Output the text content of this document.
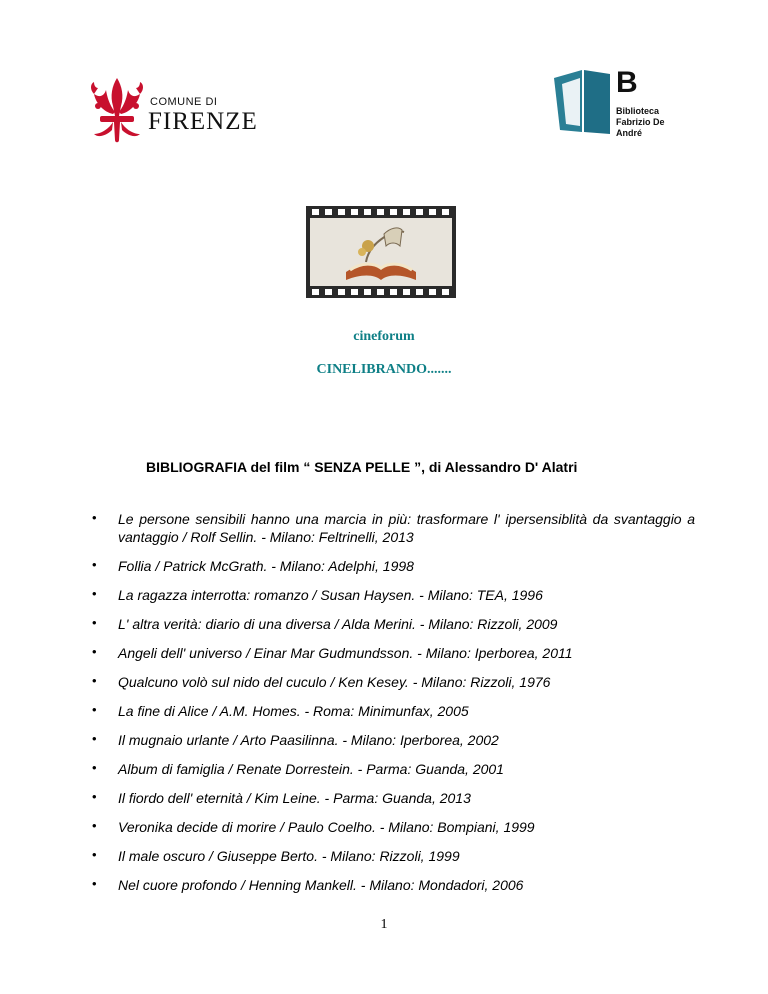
COMUNE DI
FIRENZE
B
Biblioteca
Fabrizio De André
cineforum
CINELIBRANDO.......
BIBLIOGRAFIA del film “ SENZA PELLE ”, di Alessandro D' Alatri
• Le persone sensibili hanno una marcia in più: trasformare l' ipersensiblità da svantaggio a vantaggio / Rolf Sellin. - Milano: Feltrinelli, 2013
• Follia / Patrick McGrath. - Milano: Adelphi, 1998
• La ragazza interrotta: romanzo / Susan Haysen. - Milano: TEA, 1996
• L' altra verità: diario di una diversa / Alda Merini. - Milano: Rizzoli, 2009
• Angeli dell' universo / Einar Mar Gudmundsson. - Milano: Iperborea, 2011
• Qualcuno volò sul nido del cuculo / Ken Kesey. - Milano: Rizzoli, 1976
• La fine di Alice / A.M. Homes. - Roma: Minimunfax, 2005
• Il mugnaio urlante / Arto Paasilinna. - Milano: Iperborea, 2002
• Album di famiglia / Renate Dorrestein. - Parma: Guanda, 2001
• Il fiordo dell' eternità / Kim Leine. - Parma: Guanda, 2013
• Veronika decide di morire / Paulo Coelho. - Milano: Bompiani, 1999
• Il male oscuro / Giuseppe Berto. - Milano: Rizzoli, 1999
• Nel cuore profondo / Henning Mankell. - Milano: Mondadori, 2006
1
